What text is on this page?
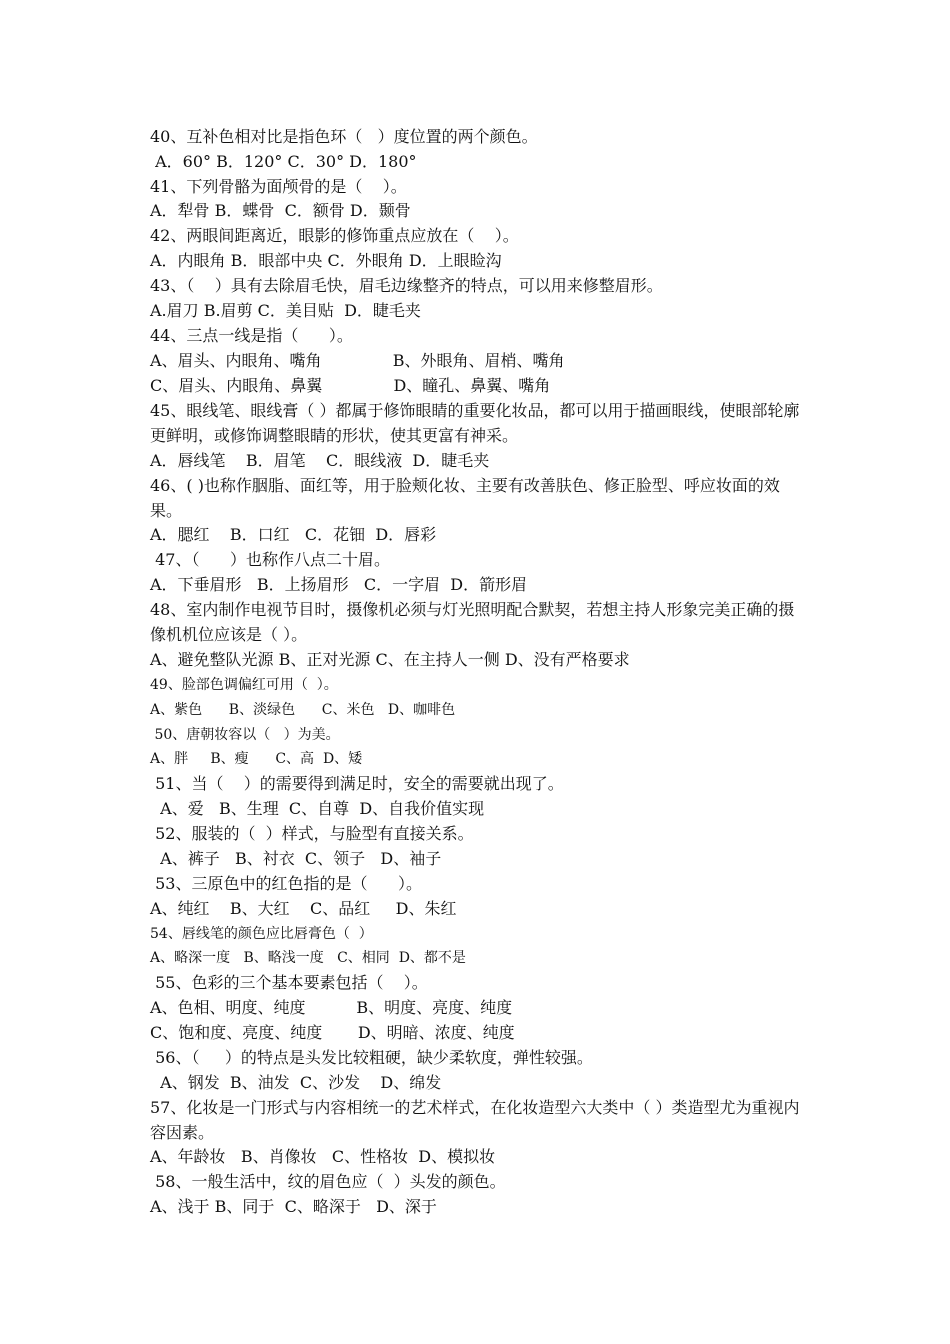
40、互补色相对比是指色环（   ）度位置的两个颜色。
A．60° B．120° C．30° D．180°
41、下列骨骼为面颅骨的是（    ）。
A．犁骨 B．蝶骨  C．额骨 D．颞骨
42、两眼间距离近，眼影的修饰重点应放在（    ）。
A．内眼角 B．眼部中央 C．外眼角 D．上眼睑沟
43、（    ）具有去除眉毛快，眉毛边缘整齐的特点，可以用来修整眉形。
A.眉刀 B.眉剪 C．美目贴  D．睫毛夹
44、三点一线是指（      ）。
A、眉头、内眼角、嘴角              B、外眼角、眉梢、嘴角
C、眉头、内眼角、鼻翼              D、瞳孔、鼻翼、嘴角
45、眼线笔、眼线膏（ ）都属于修饰眼睛的重要化妆品，都可以用于描画眼线，使眼部轮廓更鲜明，或修饰调整眼睛的形状，使其更富有神采。
A．唇线笔    B．眉笔    C．眼线液  D．睫毛夹
46、( )也称作胭脂、面红等，用于脸颊化妆、主要有改善肤色、修正脸型、呼应妆面的效果。
A．腮红    B．口红   C．花钿  D．唇彩
47、（      ）也称作八点二十眉。
A．下垂眉形   B．上扬眉形   C．一字眉  D．箭形眉
48、室内制作电视节目时，摄像机必须与灯光照明配合默契，若想主持人形象完美正确的摄像机机位应该是（ ）。
A、避免整队光源 B、正对光源 C、在主持人一侧 D、没有严格要求
49、脸部色调偏红可用（  ）。
A、紫色      B、淡绿色      C、米色   D、咖啡色
50、唐朝妆容以（   ）为美。
A、胖     B、瘦      C、高  D、矮
51、当（    ）的需要得到满足时，安全的需要就出现了。
A、爱   B、生理  C、自尊  D、自我价值实现
52、服装的（  ）样式，与脸型有直接关系。
A、裤子   B、衬衣  C、领子   D、袖子
53、三原色中的红色指的是（      ）。
A、纯红    B、大红    C、品红     D、朱红
54、唇线笔的颜色应比唇膏色（  ）
A、略深一度   B、略浅一度   C、相同  D、都不是
55、色彩的三个基本要素包括（    ）。
A、色相、明度、纯度          B、明度、亮度、纯度
C、饱和度、亮度、纯度       D、明暗、浓度、纯度
56、（     ）的特点是头发比较粗硬，缺少柔软度，弹性较强。
A、钢发  B、油发  C、沙发    D、绵发
57、化妆是一门形式与内容相统一的艺术样式，在化妆造型六大类中（ ）类造型尤为重视内容因素。
A、年龄妆   B、肖像妆   C、性格妆  D、模拟妆
58、一般生活中，纹的眉色应（  ）头发的颜色。
A、浅于 B、同于  C、略深于   D、深于
